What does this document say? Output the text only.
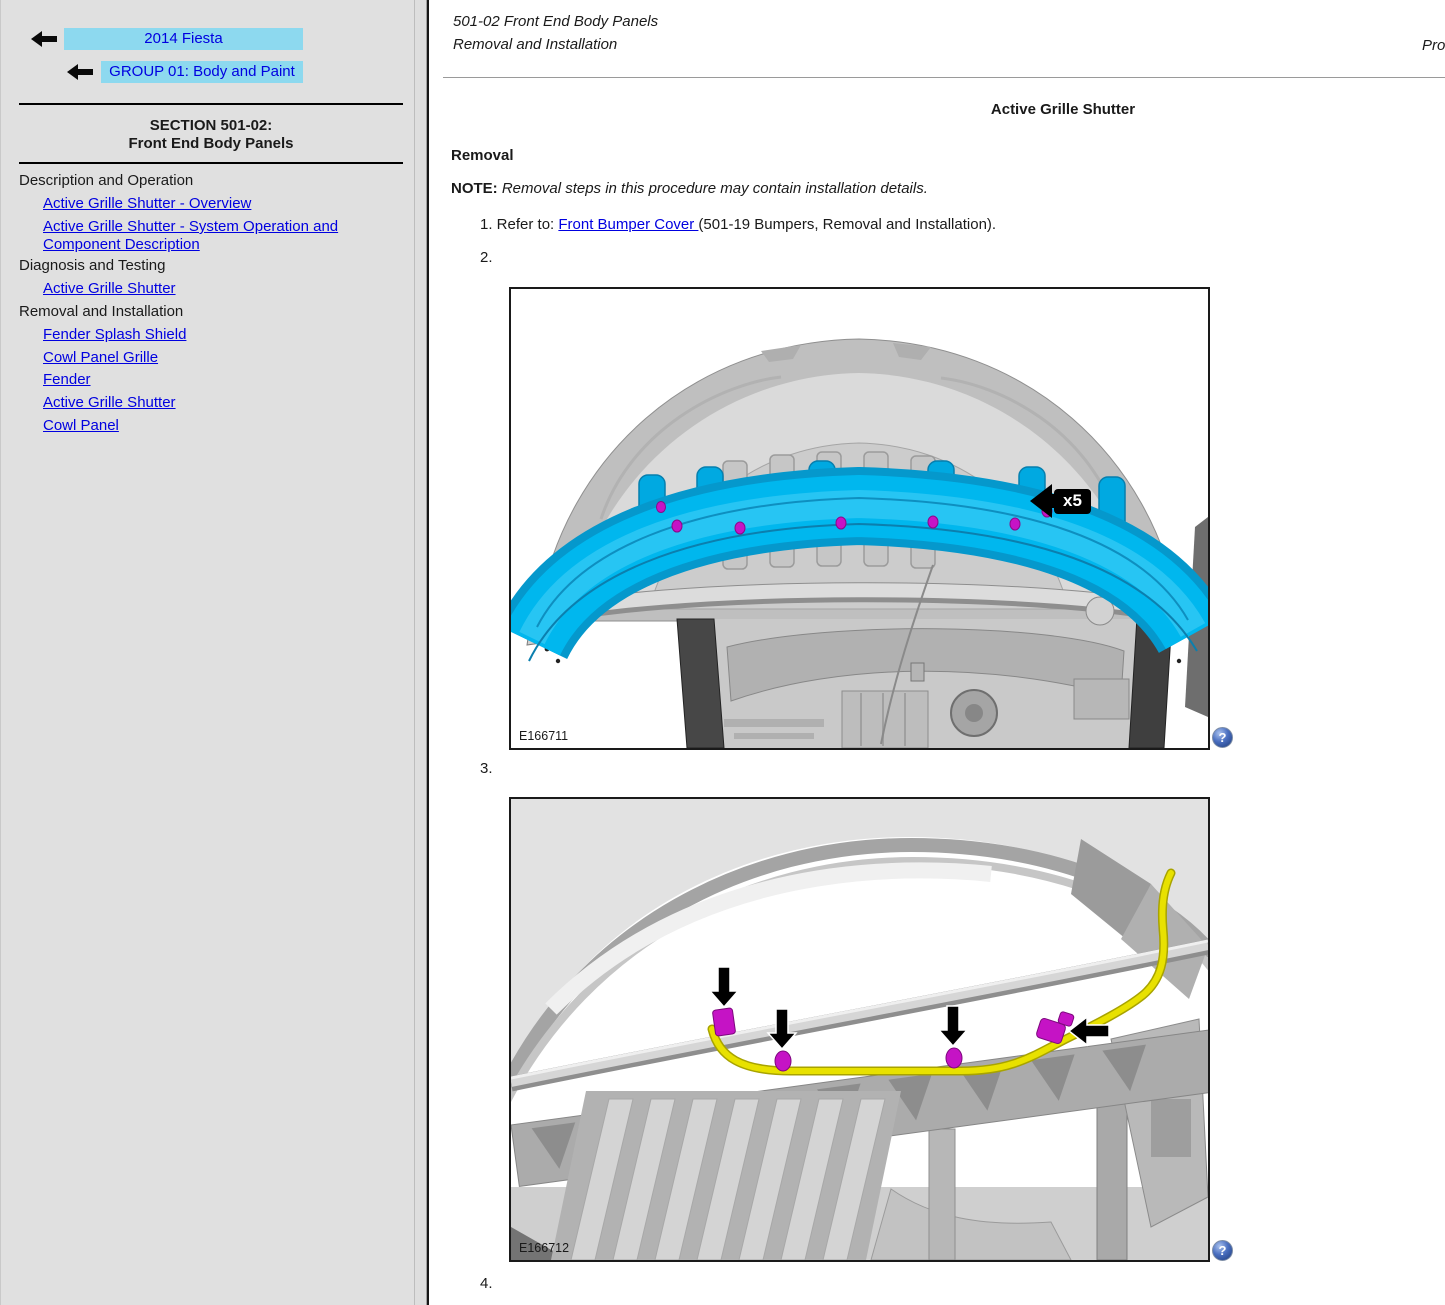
2014 Fiesta
GROUP 01: Body and Paint
SECTION 501-02:
Front End Body Panels
Description and Operation
Active Grille Shutter - Overview
Active Grille Shutter - System Operation and Component Description
Diagnosis and Testing
Active Grille Shutter
Removal and Installation
Fender Splash Shield
Cowl Panel Grille
Fender
Active Grille Shutter
Cowl Panel
501-02 Front End Body Panels
Removal and Installation	Pro
Active Grille Shutter
Removal
NOTE: Removal steps in this procedure may contain installation details.
1. Refer to: Front Bumper Cover (501-19 Bumpers, Removal and Installation).
2.
x5
E166711	?
3.
E166712	?
4.
